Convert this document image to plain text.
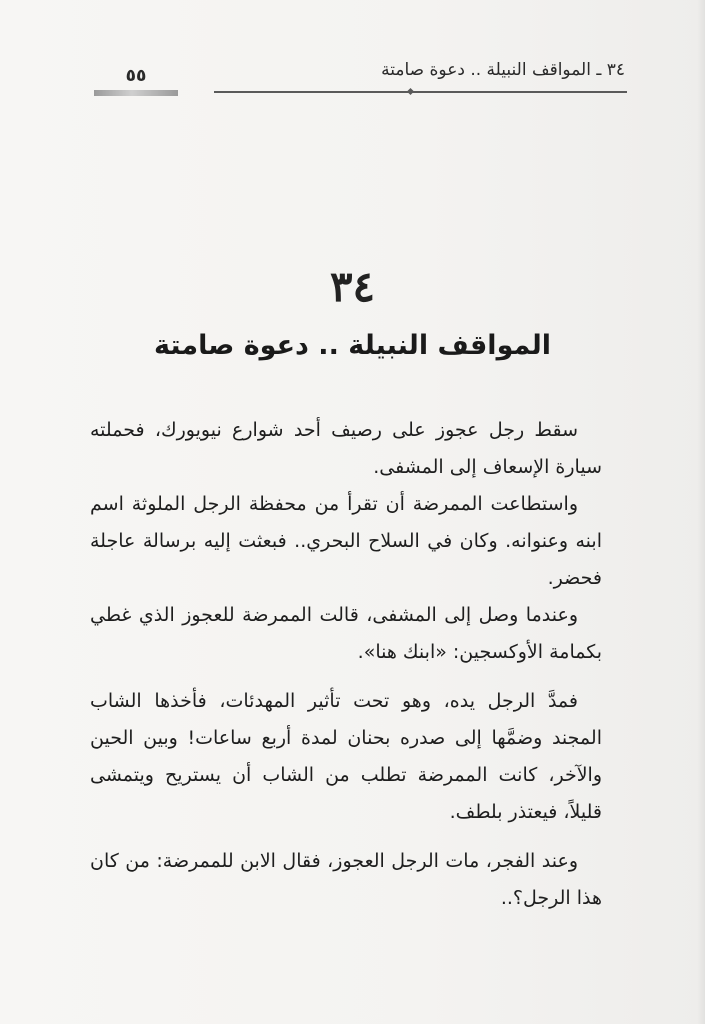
٣٤ ـ المواقف النبيلة .. دعوة صامتة
٥٥
٣٤
المواقف النبيلة .. دعوة صامتة

سقط رجل عجوز على رصيف أحد شوارع نيويورك، فحملته سيارة الإسعاف إلى المشفى.

واستطاعت الممرضة أن تقرأ من محفظة الرجل الملوثة اسم ابنه وعنوانه. وكان في السلاح البحري.. فبعثت إليه برسالة عاجلة فحضر.

وعندما وصل إلى المشفى، قالت الممرضة للعجوز الذي غطي بكمامة الأوكسجين: «ابنك هنا».

فمدَّ الرجل يده، وهو تحت تأثير المهدئات، فأخذها الشاب المجند وضمَّها إلى صدره بحنان لمدة أربع ساعات! وبين الحين والآخر، كانت الممرضة تطلب من الشاب أن يستريح ويتمشى قليلاً، فيعتذر بلطف.

وعند الفجر، مات الرجل العجوز، فقال الابن للممرضة: من كان هذا الرجل؟..
